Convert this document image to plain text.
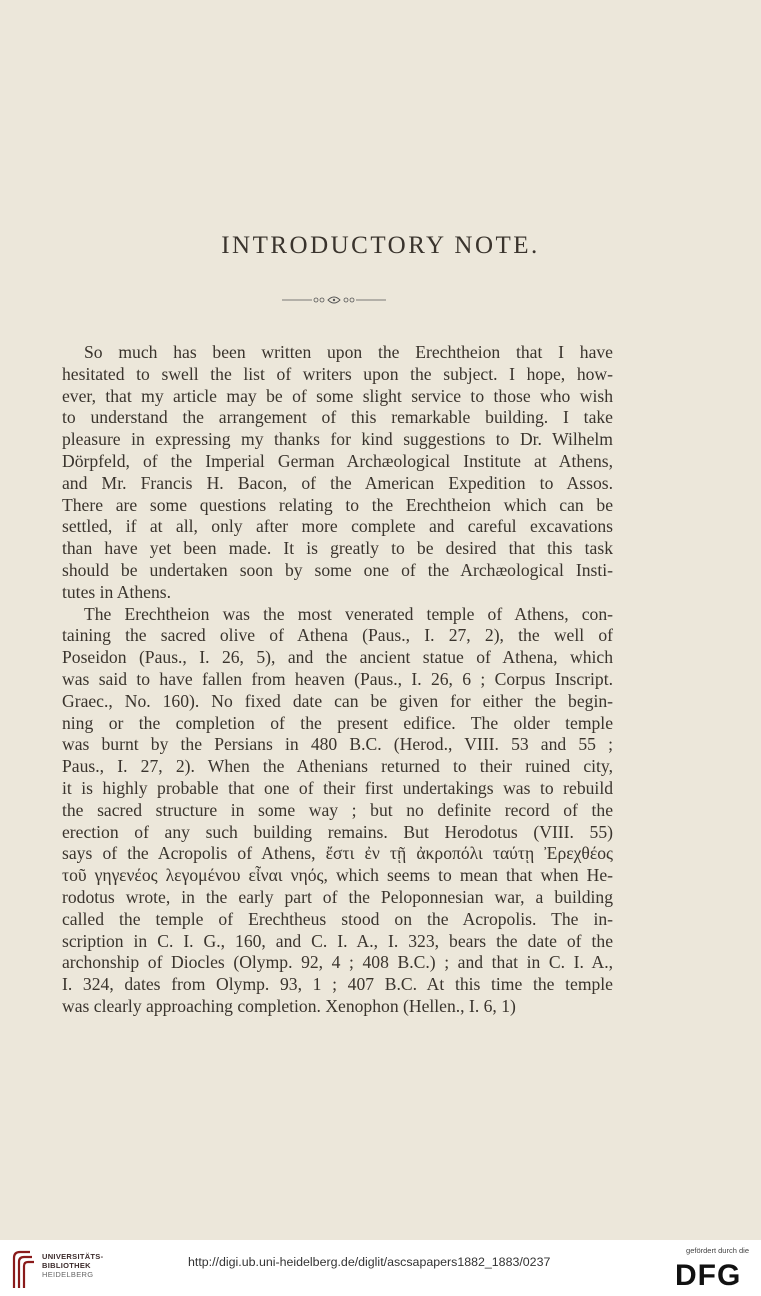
INTRODUCTORY NOTE.
So much has been written upon the Erechtheion that I have
hesitated to swell the list of writers upon the subject. I hope, how-
ever, that my article may be of some slight service to those who wish
to understand the arrangement of this remarkable building. I take
pleasure in expressing my thanks for kind suggestions to Dr. Wilhelm
Dörpfeld, of the Imperial German Archæological Institute at Athens,
and Mr. Francis H. Bacon, of the American Expedition to Assos.
There are some questions relating to the Erechtheion which can be
settled, if at all, only after more complete and careful excavations
than have yet been made. It is greatly to be desired that this task
should be undertaken soon by some one of the Archæological Insti-
tutes in Athens.
The Erechtheion was the most venerated temple of Athens, con-
taining the sacred olive of Athena (Paus., I. 27, 2), the well of
Poseidon (Paus., I. 26, 5), and the ancient statue of Athena, which
was said to have fallen from heaven (Paus., I. 26, 6 ; Corpus Inscript.
Graec., No. 160). No fixed date can be given for either the begin-
ning or the completion of the present edifice. The older temple
was burnt by the Persians in 480 B.C. (Herod., VIII. 53 and 55 ;
Paus., I. 27, 2). When the Athenians returned to their ruined city,
it is highly probable that one of their first undertakings was to rebuild
the sacred structure in some way ; but no definite record of the
erection of any such building remains. But Herodotus (VIII. 55)
says of the Acropolis of Athens, ἔστι ἐν τῇ ἀκροπόλι ταύτῃ Ἐρεχθέος
τοῦ γηγενέος λεγομένου εἶναι νηός, which seems to mean that when He-
rodotus wrote, in the early part of the Peloponnesian war, a building
called the temple of Erechtheus stood on the Acropolis. The in-
scription in C. I. G., 160, and C. I. A., I. 323, bears the date of the
archonship of Diocles (Olymp. 92, 4 ; 408 B.C.) ; and that in C. I. A.,
I. 324, dates from Olymp. 93, 1 ; 407 B.C. At this time the temple
was clearly approaching completion. Xenophon (Hellen., I. 6, 1)
UNIVERSITÄTS-
BIBLIOTHEK
HEIDELBERG
http://digi.ub.uni-heidelberg.de/diglit/ascsapapers1882_1883/0237
gefördert durch die
DFG
